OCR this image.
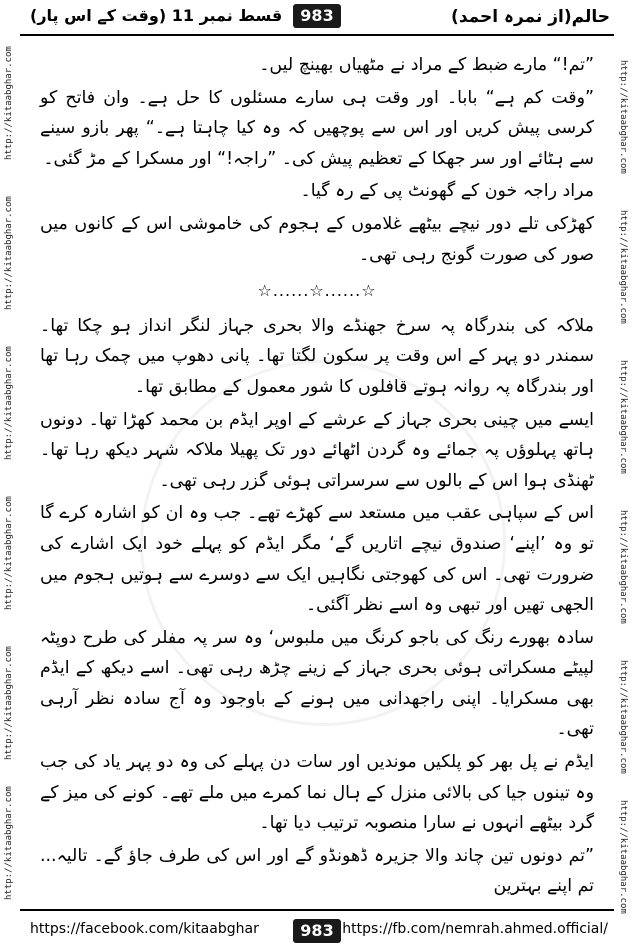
قسط نمبر 11 (وقت کے اس پار)	983	حالم(از نمرہ احمد)
http://kitaabghar.com
http://kitaabghar.com
http://kitaabghar.com
http://kitaabghar.com
http://kitaabghar.com
http://kitaabghar.com
http://kitaabghar.com
http://kitaabghar.com
http://kitaabghar.com
http://kitaabghar.com
http://kitaabghar.com
http://kitaabghar.com

”تم!“ مارے ضبط کے مراد نے مٹھیاں بھینچ لیں۔

”وقت کم ہے“ بابا۔ اور وقت ہی سارے مسئلوں کا حل ہے۔ وان فاتح کو کرسی پیش کریں اور اس سے پوچھیں کہ وہ کیا چاہتا ہے۔“ پھر بازو سینے سے ہٹائے اور سر جھکا کے تعظیم پیش کی۔ ”راجہ!“ اور مسکرا کے مڑ گئی۔

مراد راجہ خون کے گھونٹ پی کے رہ گیا۔

کھڑکی تلے دور نیچے بیٹھے غلاموں کے ہجوم کی خاموشی اس کے کانوں میں صور کی صورت گونج رہی تھی۔

☆......☆......☆

ملاکہ کی بندرگاہ پہ سرخ جھنڈے والا بحری جہاز لنگر انداز ہو چکا تھا۔ سمندر دو پہر کے اس وقت پر سکون لگتا تھا۔ پانی دھوپ میں چمک رہا تھا اور بندرگاہ پہ روانہ ہوتے قافلوں کا شور معمول کے مطابق تھا۔

ایسے میں چینی بحری جہاز کے عرشے کے اوپر ایڈم بن محمد کھڑا تھا۔ دونوں ہاتھ پہلوؤں پہ جمائے وہ گردن اٹھائے دور تک پھیلا ملاکہ شہر دیکھ رہا تھا۔ ٹھنڈی ہوا اس کے بالوں سے سرسراتی ہوئی گزر رہی تھی۔

اس کے سپاہی عقب میں مستعد سے کھڑے تھے۔ جب وہ ان کو اشارہ کرے گا تو وہ ’اپنے‘ صندوق نیچے اتاریں گے‘ مگر ایڈم کو پہلے خود ایک اشارے کی ضرورت تھی۔ اس کی کھوجتی نگاہیں ایک سے دوسرے سے ہوتیں ہجوم میں الجھی تھیں اور تبھی وہ اسے نظر آگئی۔

سادہ بھورے رنگ کی باجو کرنگ میں ملبوس‘ وہ سر پہ مفلر کی طرح دوپٹہ لپیٹے مسکراتی ہوئی بحری جہاز کے زینے چڑھ رہی تھی۔ اسے دیکھ کے ایڈم بھی مسکرایا۔ اپنی راجھدانی میں ہونے کے باوجود وہ آج سادہ نظر آرہی تھی۔

ایڈم نے پل بھر کو پلکیں موندیں اور سات دن پہلے کی وہ دو پہر یاد کی جب وہ تینوں جیا کی بالائی منزل کے ہال نما کمرے میں ملے تھے۔ کونے کی میز کے گرد بیٹھے انہوں نے سارا منصوبہ ترتیب دیا تھا۔

”تم دونوں تین چاند والا جزیرہ ڈھونڈو گے اور اس کی طرف جاؤ گے۔ تالیہ... تم اپنے بہترین

https://facebook.com/kitaabghar	983 https://fb.com/nemrah.ahmed.official/
